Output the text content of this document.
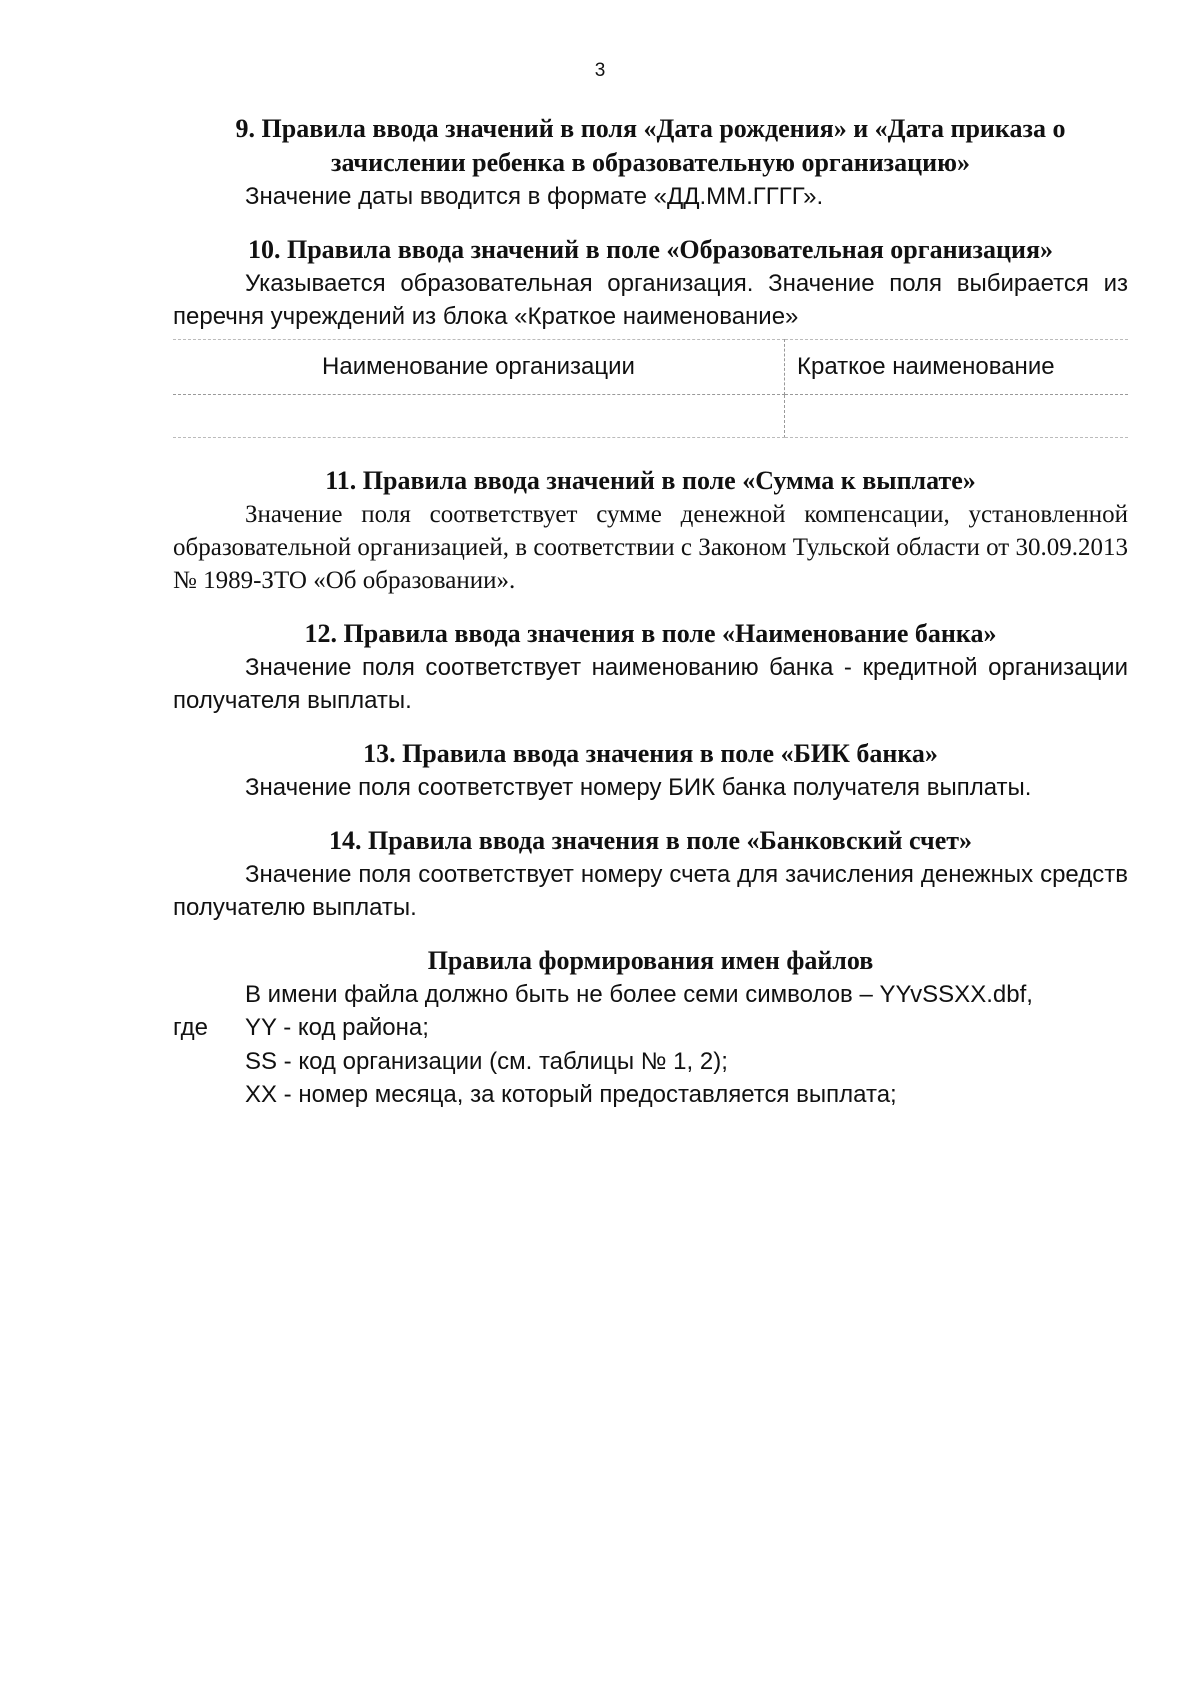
3

9. Правила ввода значений в поля «Дата рождения» и «Дата приказа о зачислении ребенка в образовательную организацию»

Значение даты вводится в формате «ДД.ММ.ГГГГ».

10. Правила ввода значений в поле «Образовательная организация»

Указывается образовательная организация. Значение поля выбирается из перечня учреждений из блока «Краткое наименование»

Наименование организации	Краткое наименование

11. Правила ввода значений в поле «Сумма к выплате»

Значение поля соответствует сумме денежной компенсации, установленной образовательной организацией, в соответствии с Законом Тульской области от 30.09.2013 № 1989-ЗТО «Об образовании».

12. Правила ввода значения в поле «Наименование банка»

Значение поля соответствует наименованию банка - кредитной организации получателя выплаты.

13. Правила ввода значения в поле «БИК банка»

Значение поля соответствует номеру БИК банка получателя выплаты.

14. Правила ввода значения в поле «Банковский счет»

Значение поля соответствует номеру счета для зачисления денежных средств получателю выплаты.

Правила формирования имен файлов

В имени файла должно быть не более семи символов – YYvSSXX.dbf,

где	YY - код района;

SS - код организации (см. таблицы № 1, 2);

XX - номер месяца, за который предоставляется выплата;
